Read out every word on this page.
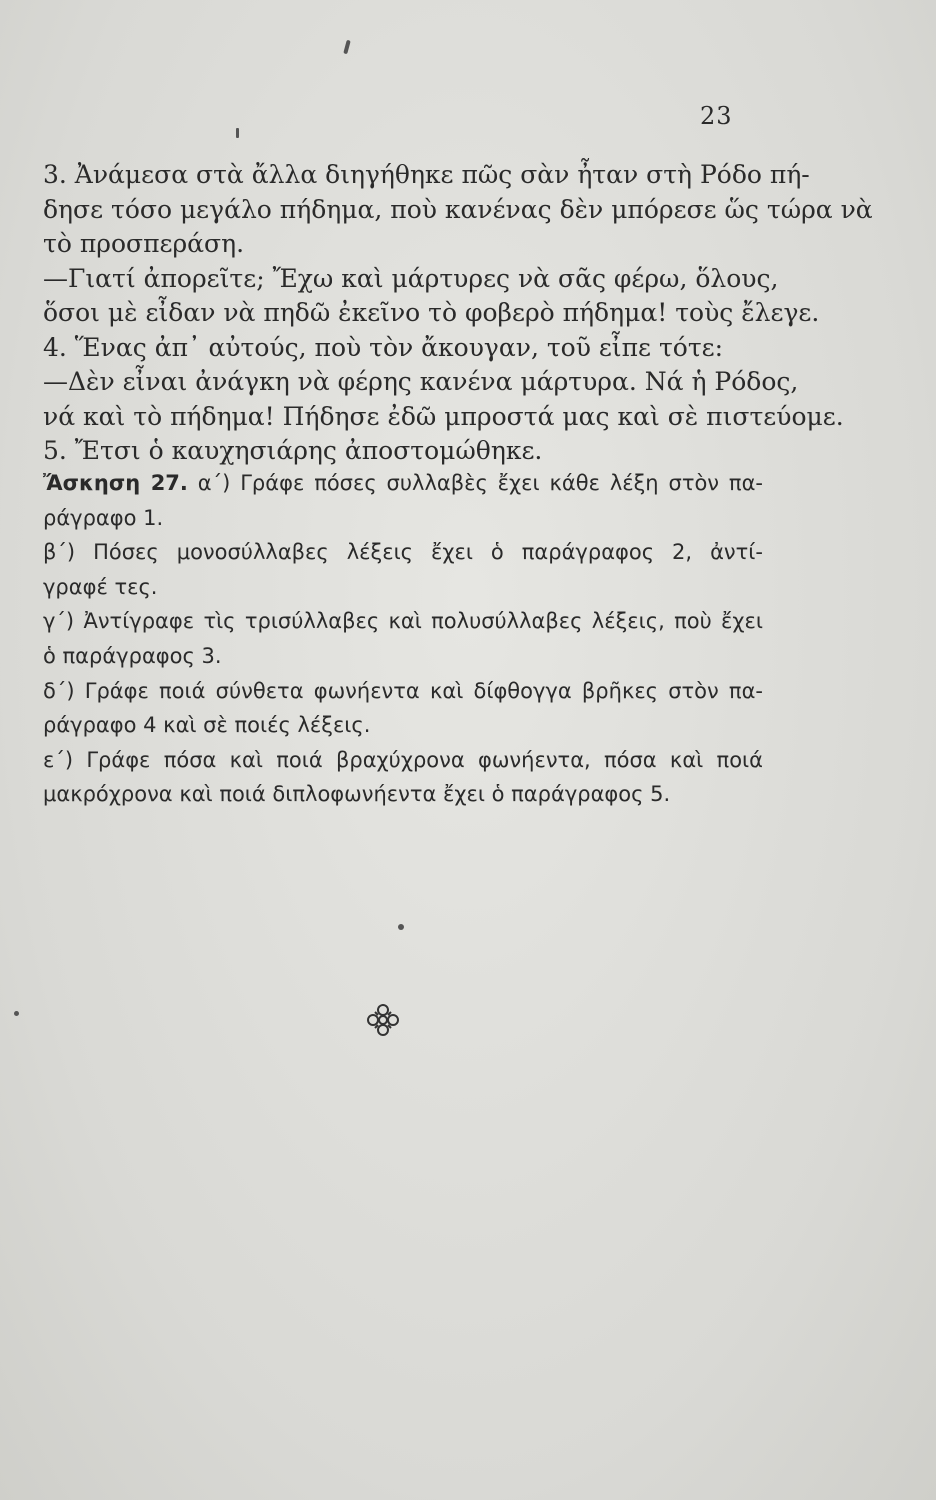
23
3. Ἀνάμεσα στὰ ἄλλα διηγήθηκε πῶς σὰν ἦταν στὴ Ρόδο πή-
δησε τόσο μεγάλο πήδημα, ποὺ κανένας δὲν μπόρεσε ὥς τώρα νὰ
τὸ προσπεράση.
—Γιατί ἀπορεῖτε; Ἔχω καὶ μάρτυρες νὰ σᾶς φέρω, ὅλους,
ὅσοι μὲ εἶδαν νὰ πηδῶ ἐκεῖνο τὸ φοβερὸ πήδημα! τοὺς ἔλεγε.
4. Ἕνας ἀπ᾽ αὐτούς, ποὺ τὸν ἄκουγαν, τοῦ εἶπε τότε:
—Δὲν εἶναι ἀνάγκη νὰ φέρης κανένα μάρτυρα. Νά ἡ Ρόδος,
νά καὶ τὸ πήδημα! Πήδησε ἐδῶ μπροστά μας καὶ σὲ πιστεύομε.
5. Ἔτσι ὁ καυχησιάρης ἀποστομώθηκε.
Ἄσκηση 27. α΄) Γράφε πόσες συλλαβὲς ἔχει κάθε λέξη στὸν πα-
ράγραφο 1.
β΄) Πόσες μονοσύλλαβες λέξεις ἔχει ὁ παράγραφος 2, ἀντί-
γραφέ τες.
γ΄) Ἀντίγραφε τὶς τρισύλλαβες καὶ πολυσύλλαβες λέξεις, ποὺ ἔχει
ὁ παράγραφος 3.
δ΄) Γράφε ποιά σύνθετα φωνήεντα καὶ δίφθογγα βρῆκες στὸν πα-
ράγραφο 4 καὶ σὲ ποιές λέξεις.
ε΄) Γράφε πόσα καὶ ποιά βραχύχρονα φωνήεντα, πόσα καὶ ποιά
μακρόχρονα καὶ ποιά διπλοφωνήεντα ἔχει ὁ παράγραφος 5.
